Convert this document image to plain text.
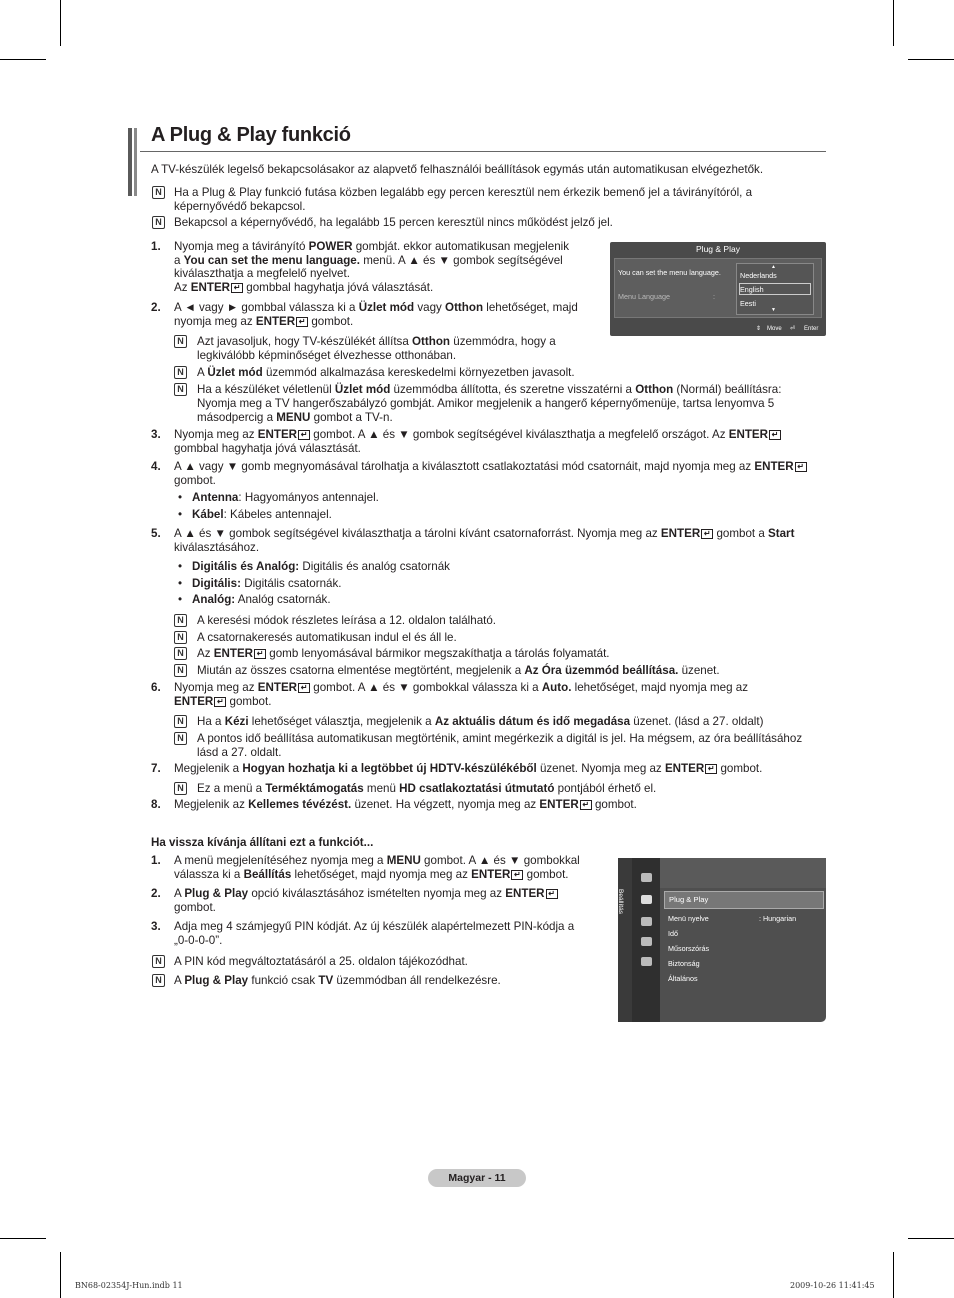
A Plug & Play funkció
A TV-készülék legelső bekapcsolásakor az alapvető felhasználói beállítások egymás után automatikusan elvégezhetők.
N Ha a Plug & Play funkció futása közben legalább egy percen keresztül nem érkezik bemenő jel a távirányítóról, a
képernyővédő bekapcsol.
N Bekapcsol a képernyővédő, ha legalább 15 percen keresztül nincs működést jelző jel.
1. Nyomja meg a távirányító POWER gombját. ekkor automatikusan megjelenik
a You can set the menu language. menü. A ▲ és ▼ gombok segítségével
kiválaszthatja a megfelelő nyelvet.
Az ENTER ↵ gombbal hagyhatja jóvá választását.
2. A ◄ vagy ► gombbal válassza ki a Üzlet mód vagy Otthon lehetőséget, majd
nyomja meg az ENTER ↵ gombot.
N Azt javasoljuk, hogy TV-készülékét állítsa Otthon üzemmódra, hogy a
legkiválóbb képminőséget élvezhesse otthonában.
N A Üzlet mód üzemmód alkalmazása kereskedelmi környezetben javasolt.
N Ha a készüléket véletlenül Üzlet mód üzemmódba állította, és szeretne visszatérni a Otthon (Normál) beállításra:
Nyomja meg a TV hangerőszabályzó gombját. Amikor megjelenik a hangerő képernyőmenüje, tartsa lenyomva 5
másodpercig a MENU gombot a TV-n.
3. Nyomja meg az ENTER ↵ gombot. A ▲ és ▼ gombok segítségével kiválaszthatja a megfelelő országot. Az ENTER ↵
gombbal hagyhatja jóvá választását.
4. A ▲ vagy ▼ gomb megnyomásával tárolhatja a kiválasztott csatlakoztatási mód csatornáit, majd nyomja meg az ENTER ↵
gombot.
• Antenna: Hagyományos antennajel.
• Kábel: Kábeles antennajel.
5. A ▲ és ▼ gombok segítségével kiválaszthatja a tárolni kívánt csatornaforrást. Nyomja meg az ENTER ↵ gombot a Start
kiválasztásához.
• Digitális és Analóg: Digitális és analóg csatornák
• Digitális: Digitális csatornák.
• Analóg: Analóg csatornák.
N A keresési módok részletes leírása a 12. oldalon található.
N A csatornakeresés automatikusan indul el és áll le.
N Az ENTER ↵ gomb lenyomásával bármikor megszakíthatja a tárolás folyamatát.
N Miután az összes csatorna elmentése megtörtént, megjelenik a Az Óra üzemmód beállítása. üzenet.
6. Nyomja meg az ENTER ↵ gombot. A ▲ és ▼ gombokkal válassza ki a Auto. lehetőséget, majd nyomja meg az
ENTER ↵ gombot.
N Ha a Kézi lehetőséget választja, megjelenik a Az aktuális dátum és idő megadása üzenet. (lásd a 27. oldalt)
N A pontos idő beállítása automatikusan megtörténik, amint megérkezik a digitál is jel. Ha mégsem, az óra beállításához
lásd a 27. oldalt.
7. Megjelenik a Hogyan hozhatja ki a legtöbbet új HDTV-készülékéből üzenet. Nyomja meg az ENTER ↵ gombot.
N Ez a menü a Terméktámogatás menü HD csatlakoztatási útmutató pontjából érhető el.
8. Megjelenik az Kellemes tévézést. üzenet. Ha végzett, nyomja meg az ENTER ↵ gombot.
Ha vissza kívánja állítani ezt a funkciót...
1. A menü megjelenítéséhez nyomja meg a MENU gombot. A ▲ és ▼ gombokkal
válassza ki a Beállítás lehetőséget, majd nyomja meg az ENTER ↵ gombot.
2. A Plug & Play opció kiválasztásához ismételten nyomja meg az ENTER ↵
gombot.
3. Adja meg 4 számjegyű PIN kódját. Az új készülék alapértelmezett PIN-kódja a
„0-0-0-0”.
N A PIN kód megváltoztatásáról a 25. oldalon tájékozódhat.
N A Plug & Play funkció csak TV üzemmódban áll rendelkezésre.
Plug & Play
You can set the menu language.
Menu Language	:
▲
Nederlands
English
Eesti
▼
⇕ Move ⏎ Enter
Beállítás	Plug & Play
Menü nyelve	: Hungarian
Idő
Műsorszórás
Biztonság
Általános
Magyar - 11
BN68-02354J-Hun.indb 11	2009-10-26 11:41:45
